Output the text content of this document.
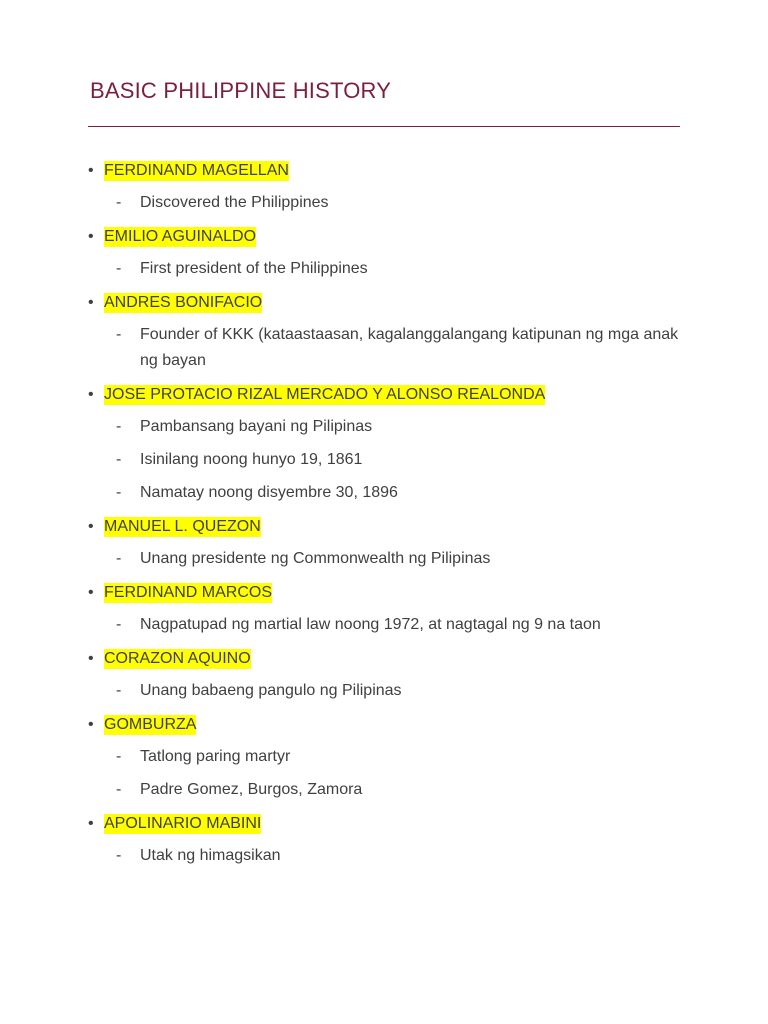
BASIC PHILIPPINE HISTORY
• FERDINAND MAGELLAN
- Discovered the Philippines
• EMILIO AGUINALDO
- First president of the Philippines
• ANDRES BONIFACIO
- Founder of KKK (kataastaasan, kagalanggalangang katipunan ng mga anak ng bayan
• JOSE PROTACIO RIZAL MERCADO Y ALONSO REALONDA
- Pambansang bayani ng Pilipinas
- Isinilang noong hunyo 19, 1861
- Namatay noong disyembre 30, 1896
• MANUEL L. QUEZON
- Unang presidente ng Commonwealth ng Pilipinas
• FERDINAND MARCOS
- Nagpatupad ng martial law noong 1972, at nagtagal ng 9 na taon
• CORAZON AQUINO
- Unang babaeng pangulo ng Pilipinas
• GOMBURZA
- Tatlong paring martyr
- Padre Gomez, Burgos, Zamora
• APOLINARIO MABINI
- Utak ng himagsikan
